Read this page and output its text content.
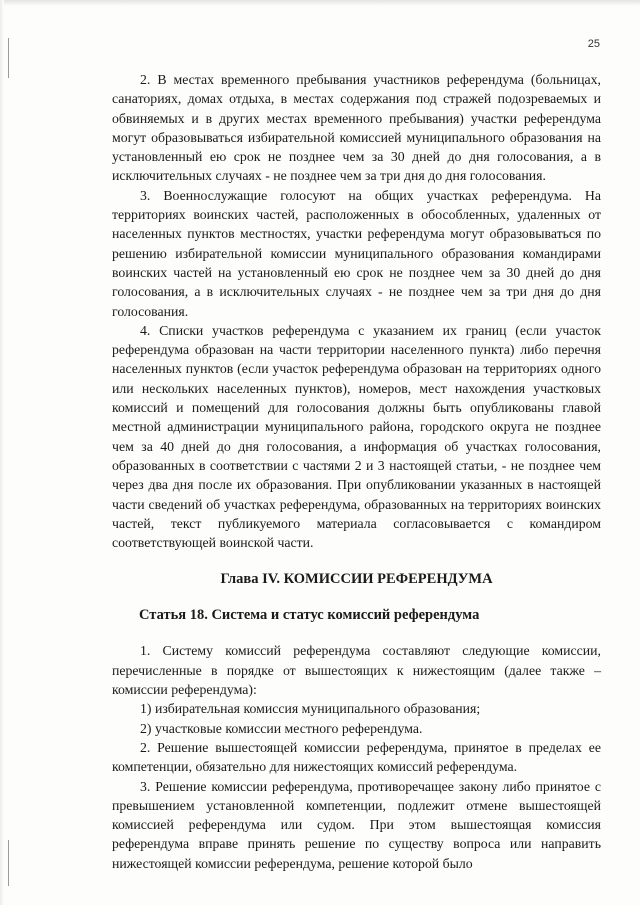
25

2. В местах временного пребывания участников референдума (больницах, санаториях, домах отдыха, в местах содержания под стражей подозреваемых и обвиняемых и в других местах временного пребывания) участки референдума могут образовываться избирательной комиссией муниципального образования на установленный ею срок не позднее чем за 30 дней до дня голосования, а в исключительных случаях - не позднее чем за три дня до дня голосования.

3. Военнослужащие голосуют на общих участках референдума. На территориях воинских частей, расположенных в обособленных, удаленных от населенных пунктов местностях, участки референдума могут образовываться по решению избирательной комиссии муниципального образования командирами воинских частей на установленный ею срок не позднее чем за 30 дней до дня голосования, а в исключительных случаях - не позднее чем за три дня до дня голосования.

4. Списки участков референдума с указанием их границ (если участок референдума образован на части территории населенного пункта) либо перечня населенных пунктов (если участок референдума образован на территориях одного или нескольких населенных пунктов), номеров, мест нахождения участковых комиссий и помещений для голосования должны быть опубликованы главой местной администрации муниципального района, городского округа не позднее чем за 40 дней до дня голосования, а информация об участках голосования, образованных в соответствии с частями 2 и 3 настоящей статьи, - не позднее чем через два дня после их образования. При опубликовании указанных в настоящей части сведений об участках референдума, образованных на территориях воинских частей, текст публикуемого материала согласовывается с командиром соответствующей воинской части.

Глава IV. КОМИССИИ РЕФЕРЕНДУМА
Статья 18. Система и статус комиссий референдума

1. Систему комиссий референдума составляют следующие комиссии, перечисленные в порядке от вышестоящих к нижестоящим (далее также – комиссии референдума):

1) избирательная комиссия муниципального образования;

2) участковые комиссии местного референдума.

2. Решение вышестоящей комиссии референдума, принятое в пределах ее компетенции, обязательно для нижестоящих комиссий референдума.

3. Решение комиссии референдума, противоречащее закону либо принятое с превышением установленной компетенции, подлежит отмене вышестоящей комиссией референдума или судом. При этом вышестоящая комиссия референдума вправе принять решение по существу вопроса или направить нижестоящей комиссии референдума, решение которой было
